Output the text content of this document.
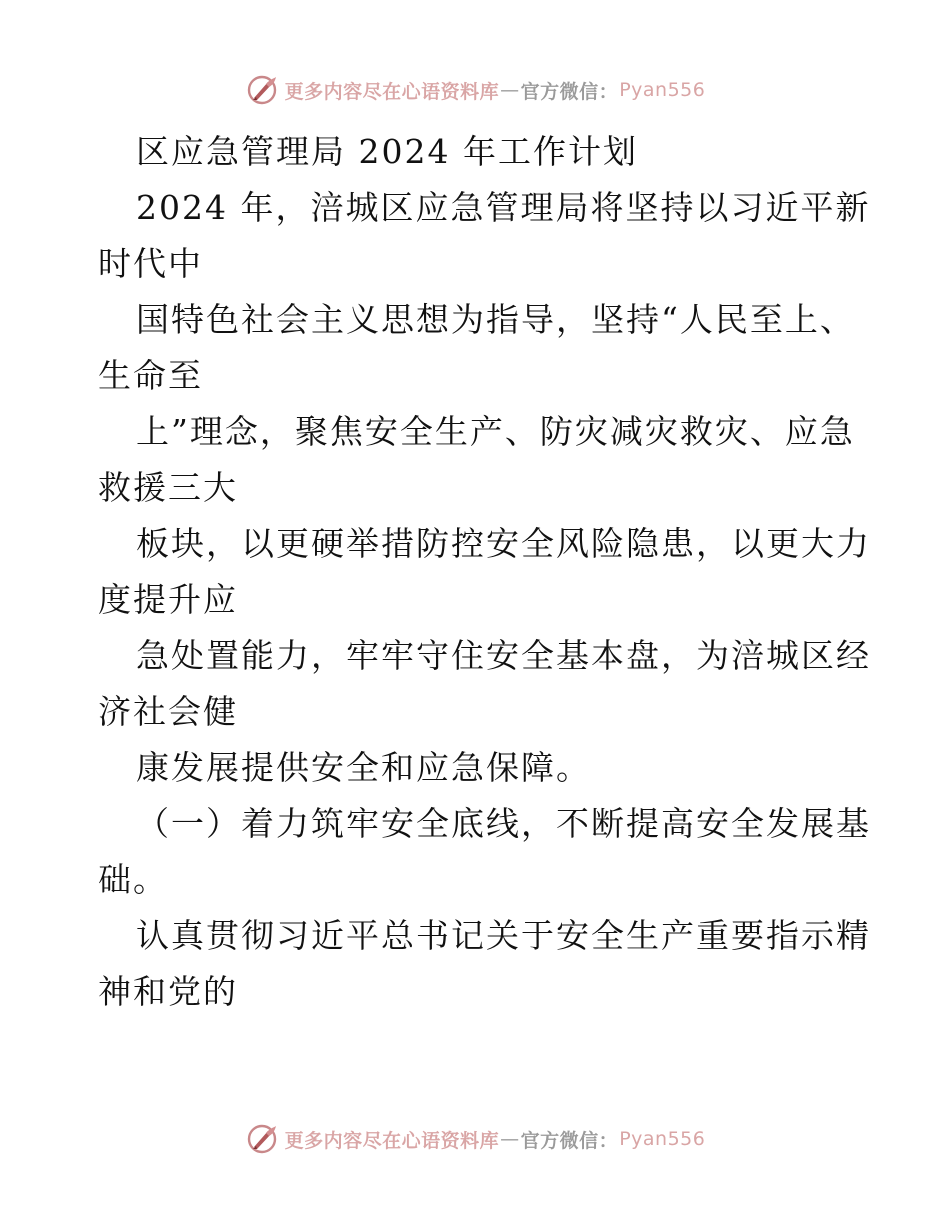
更多内容尽在心语资料库 — 官方微信： Pyan556
区应急管理局 2024 年工作计划
2024 年，涪城区应急管理局将坚持以习近平新
时代中
国特色社会主义思想为指导，坚持“人民至上、
生命至
上”理念，聚焦安全生产、防灾减灾救灾、应急
救援三大
板块，以更硬举措防控安全风险隐患，以更大力
度提升应
急处置能力，牢牢守住安全基本盘，为涪城区经
济社会健
康发展提供安全和应急保障。
（一）着力筑牢安全底线，不断提高安全发展基
础。
认真贯彻习近平总书记关于安全生产重要指示精
神和党的
更多内容尽在心语资料库 — 官方微信： Pyan556
